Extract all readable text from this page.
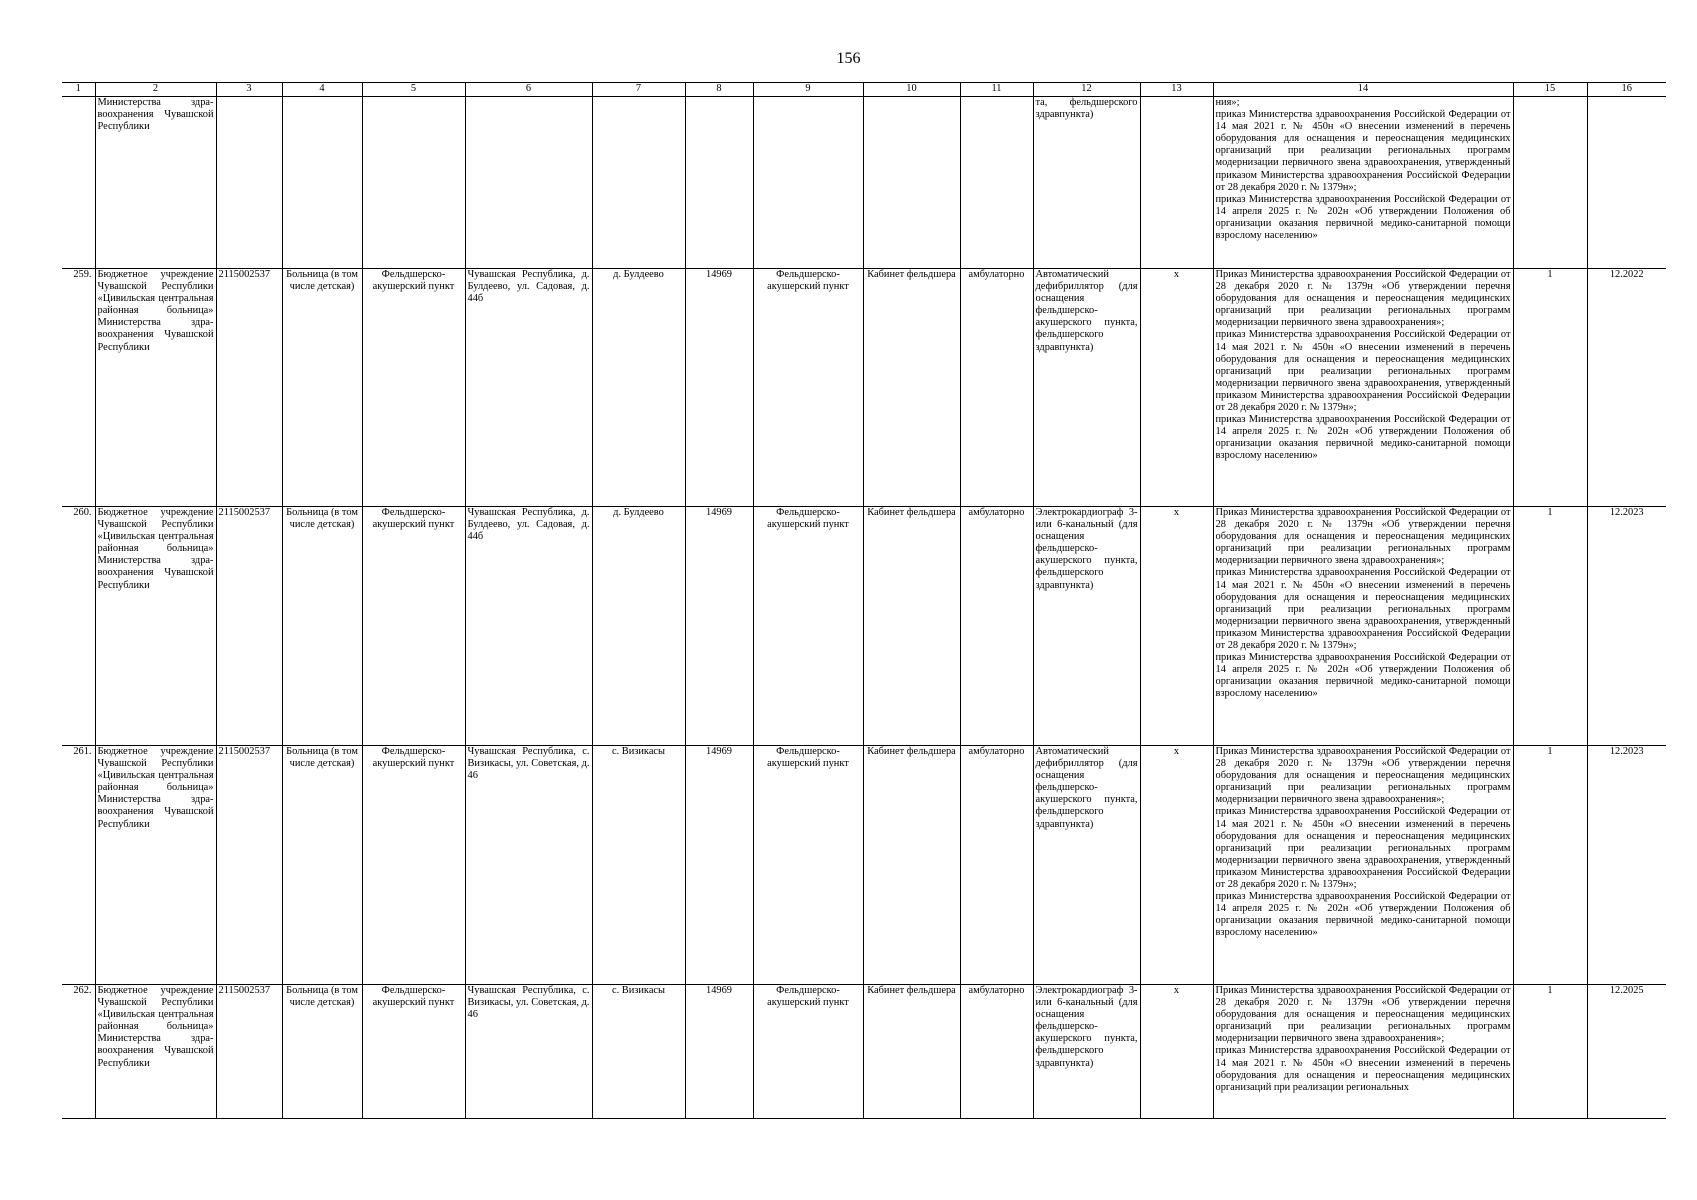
156
1	2	3	4	5	6	7	8	9	10	11	12	13	14	15	16
	Министерства здравоохранения Чувашской Республики										та, фельдшерского здравпункта)		ния»;
приказ Министерства здравоохранения Российской Федерации от 14 мая 2021 г. № 450н «О внесении изменений в перечень оборудования для оснащения и переоснащения медицинских организаций при реализации региональных программ модернизации первичного звена здравоохранения, утвержденный приказом Министерства здравоохранения Российской Федерации от 28 декабря 2020 г. № 1379н»;
приказ Министерства здравоохранения Российской Федерации от 14 апреля 2025 г. № 202н «Об утверждении Положения об организации оказания первичной медико-санитарной помощи взрослому населению»		
259.	Бюджетное учреждение Чувашской Республики «Цивильская центральная районная больница» Министерства здравоохранения Чувашской Республики	2115002537	Больница (в том числе детская)	Фельдшерско-акушерский пункт	Чувашская Республика, д. Булдеево, ул. Садовая, д. 44б	д. Булдеево	14969	Фельдшерско-акушерский пункт	Кабинет фельдшера	амбулаторно	Автоматический дефибриллятор (для оснащения фельдшерско-акушерского пункта, фельдшерского здравпункта)	х	Приказ Министерства здравоохранения Российской Федерации от 28 декабря 2020 г. № 1379н «Об утверждении перечня оборудования для оснащения и переоснащения медицинских организаций при реализации региональных программ модернизации первичного звена здравоохранения»;
приказ Министерства здравоохранения Российской Федерации от 14 мая 2021 г. № 450н «О внесении изменений в перечень оборудования для оснащения и переоснащения медицинских организаций при реализации региональных программ модернизации первичного звена здравоохранения, утвержденный приказом Министерства здравоохранения Российской Федерации от 28 декабря 2020 г. № 1379н»;
приказ Министерства здравоохранения Российской Федерации от 14 апреля 2025 г. № 202н «Об утверждении Положения об организации оказания первичной медико-санитарной помощи взрослому населению»	1	12.2022
260.	Бюджетное учреждение Чувашской Республики «Цивильская центральная районная больница» Министерства здравоохранения Чувашской Республики	2115002537	Больница (в том числе детская)	Фельдшерско-акушерский пункт	Чувашская Республика, д. Булдеево, ул. Садовая, д. 44б	д. Булдеево	14969	Фельдшерско-акушерский пункт	Кабинет фельдшера	амбулаторно	Электрокардиограф 3- или 6-канальный (для оснащения фельдшерско-акушерского пункта, фельдшерского здравпункта)	х	Приказ Министерства здравоохранения Российской Федерации от 28 декабря 2020 г. № 1379н «Об утверждении перечня оборудования для оснащения и переоснащения медицинских организаций при реализации региональных программ модернизации первичного звена здравоохранения»;
приказ Министерства здравоохранения Российской Федерации от 14 мая 2021 г. № 450н «О внесении изменений в перечень оборудования для оснащения и переоснащения медицинских организаций при реализации региональных программ модернизации первичного звена здравоохранения, утвержденный приказом Министерства здравоохранения Российской Федерации от 28 декабря 2020 г. № 1379н»;
приказ Министерства здравоохранения Российской Федерации от 14 апреля 2025 г. № 202н «Об утверждении Положения об организации оказания первичной медико-санитарной помощи взрослому населению»	1	12.2023
261.	Бюджетное учреждение Чувашской Республики «Цивильская центральная районная больница» Министерства здравоохранения Чувашской Республики	2115002537	Больница (в том числе детская)	Фельдшерско-акушерский пункт	Чувашская Республика, с. Визикасы, ул. Советская, д. 46	с. Визикасы	14969	Фельдшерско-акушерский пункт	Кабинет фельдшера	амбулаторно	Автоматический дефибриллятор (для оснащения фельдшерско-акушерского пункта, фельдшерского здравпункта)	х	Приказ Министерства здравоохранения Российской Федерации от 28 декабря 2020 г. № 1379н «Об утверждении перечня оборудования для оснащения и переоснащения медицинских организаций при реализации региональных программ модернизации первичного звена здравоохранения»;
приказ Министерства здравоохранения Российской Федерации от 14 мая 2021 г. № 450н «О внесении изменений в перечень оборудования для оснащения и переоснащения медицинских организаций при реализации региональных программ модернизации первичного звена здравоохранения, утвержденный приказом Министерства здравоохранения Российской Федерации от 28 декабря 2020 г. № 1379н»;
приказ Министерства здравоохранения Российской Федерации от 14 апреля 2025 г. № 202н «Об утверждении Положения об организации оказания первичной медико-санитарной помощи взрослому населению»	1	12.2023
262.	Бюджетное учреждение Чувашской Республики «Цивильская центральная районная больница» Министерства здравоохранения Чувашской Республики	2115002537	Больница (в том числе детская)	Фельдшерско-акушерский пункт	Чувашская Республика, с. Визикасы, ул. Советская, д. 46	с. Визикасы	14969	Фельдшерско-акушерский пункт	Кабинет фельдшера	амбулаторно	Электрокардиограф 3- или 6-канальный (для оснащения фельдшерско-акушерского пункта, фельдшерского здравпункта)	х	Приказ Министерства здравоохранения Российской Федерации от 28 декабря 2020 г. № 1379н «Об утверждении перечня оборудования для оснащения и переоснащения медицинских организаций при реализации региональных программ модернизации первичного звена здравоохранения»;
приказ Министерства здравоохранения Российской Федерации от 14 мая 2021 г. № 450н «О внесении изменений в перечень оборудования для оснащения и переоснащения медицинских организаций при реализации региональных	1	12.2025
